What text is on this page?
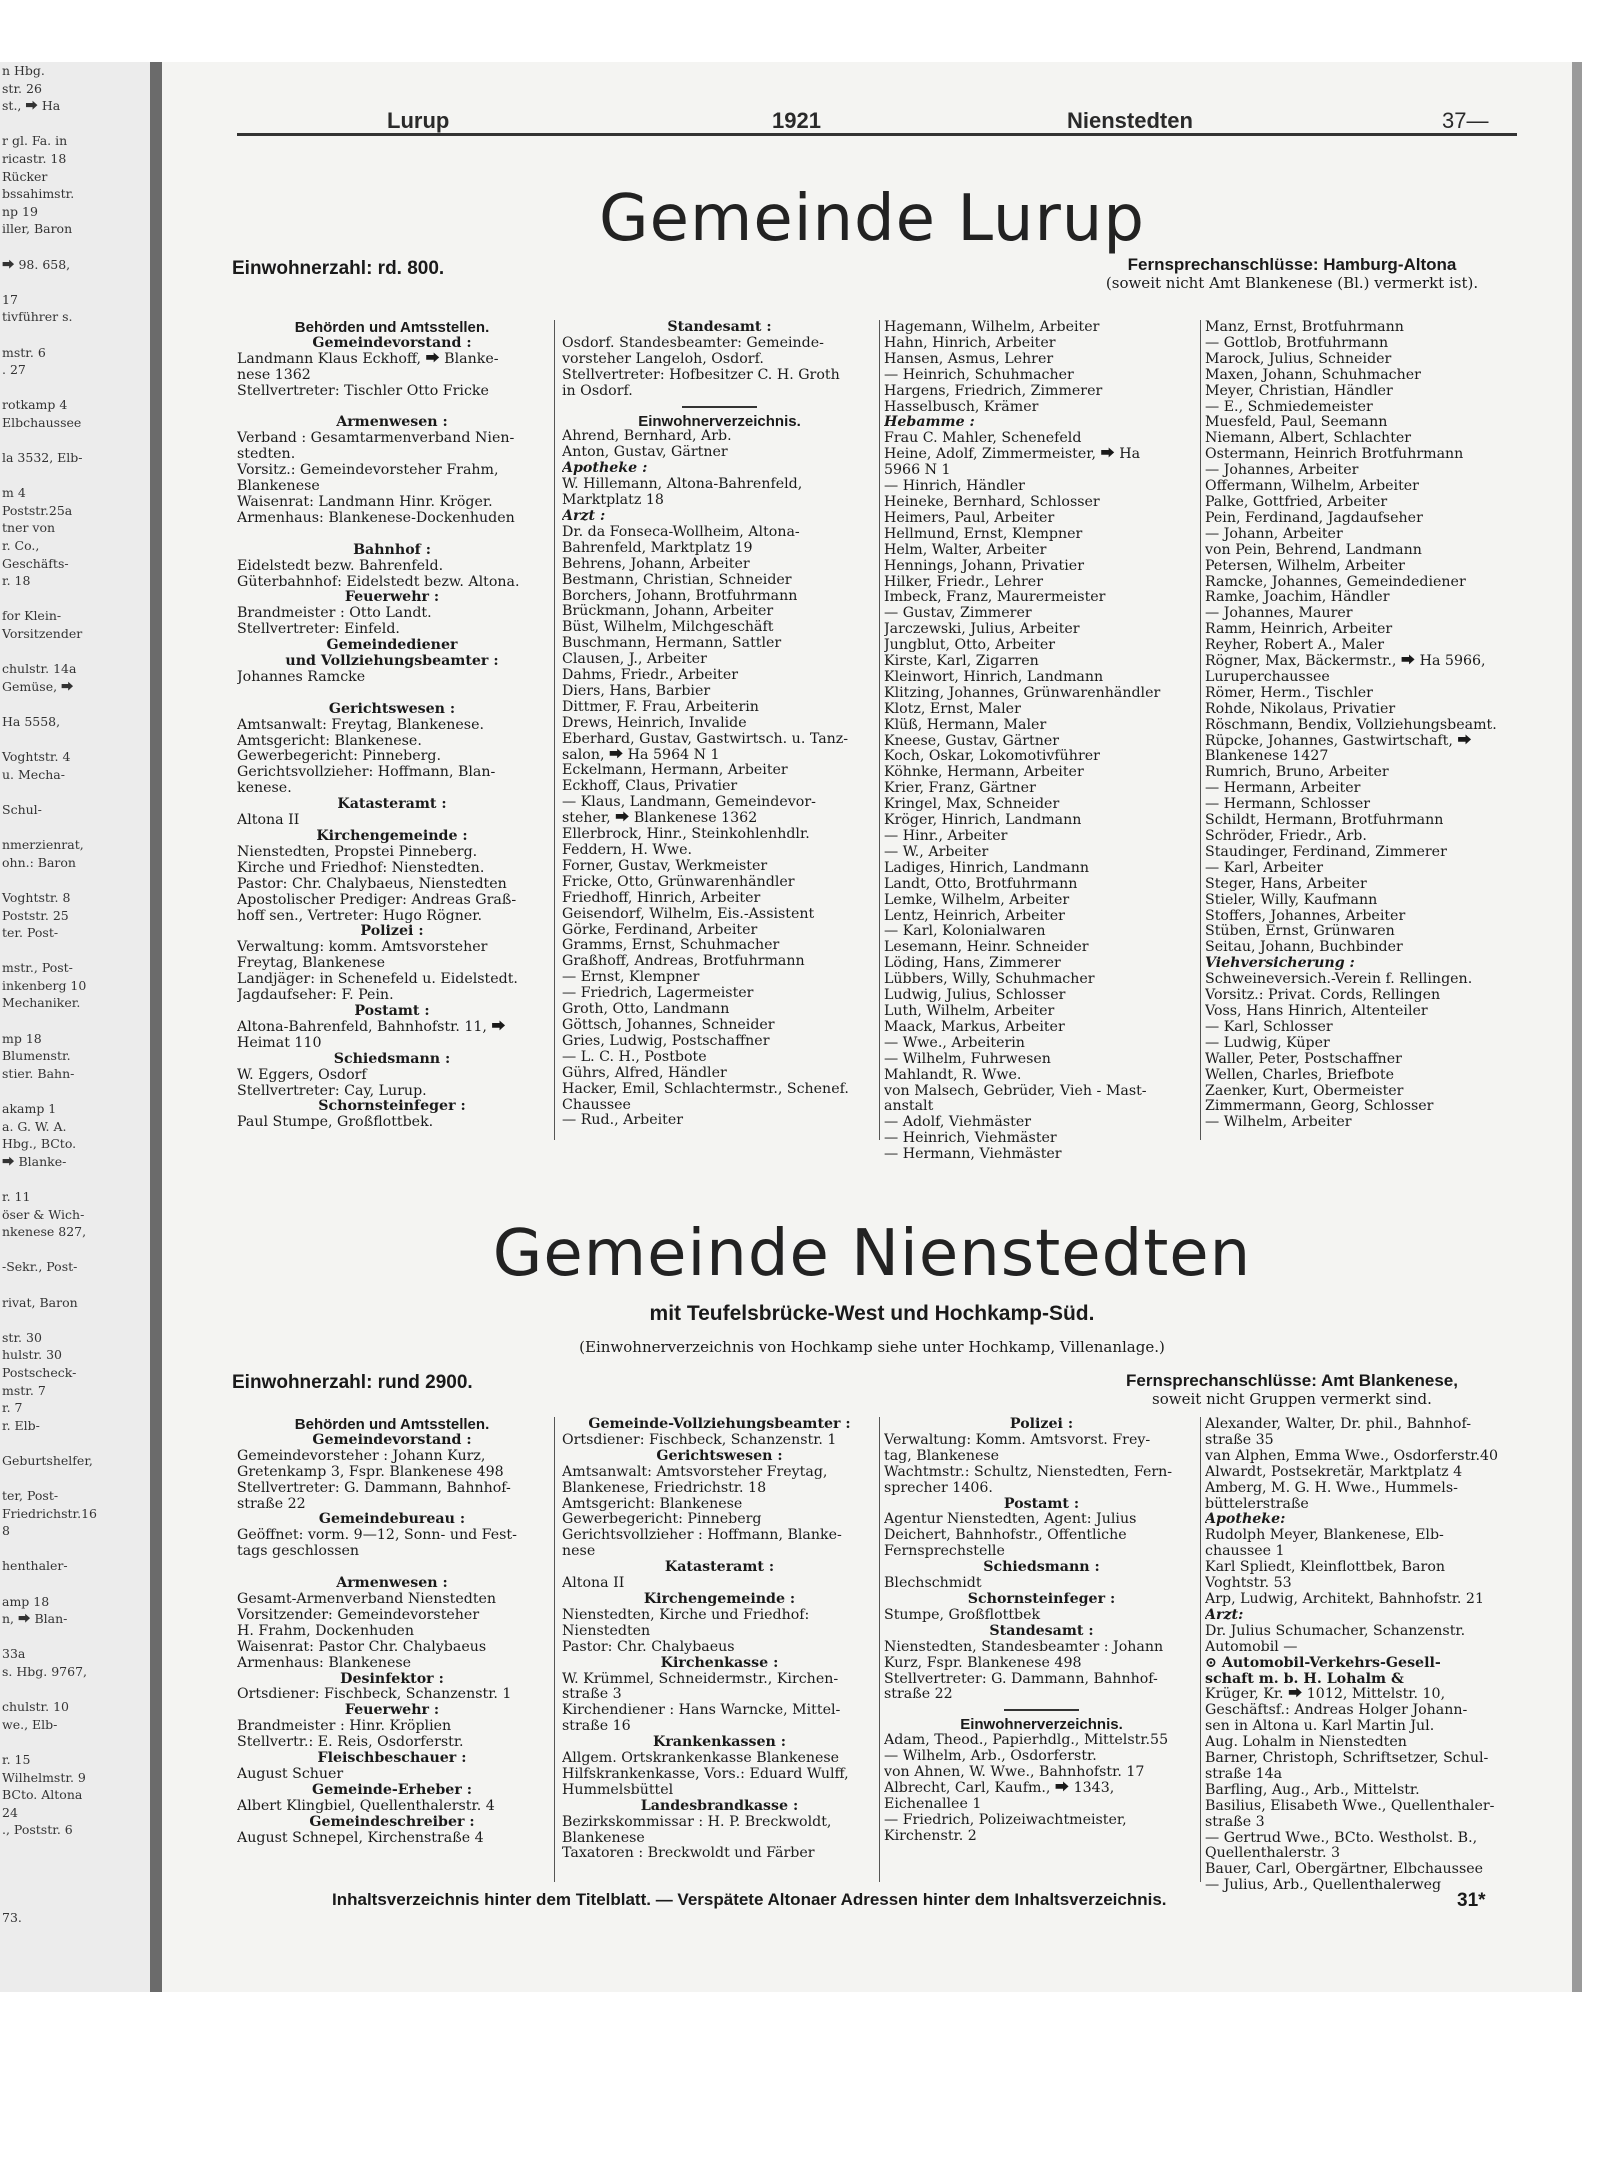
n Hbg.
str. 26
st., ⮕ Ha

r gl. Fa. in
ricastr. 18
Rücker
bssahimstr.
np 19
iller, Baron

⮕ 98. 658,

17
tivführer s.

mstr. 6
. 27

rotkamp 4
Elbchaussee

la 3532, Elb-

m 4
Poststr.25a
tner von
r. Co.,
Geschäfts-
r. 18

for Klein-
Vorsitzender

chulstr. 14a
Gemüse, ⮕

Ha 5558,

Voghtstr. 4
u. Mecha-

Schul-

nmerzienrat,
ohn.: Baron

Voghtstr. 8
Poststr. 25
ter. Post-

mstr., Post-
inkenberg 10
Mechaniker.

mp 18
Blumenstr.
stier. Bahn-

akamp 1
a. G. W. A.
Hbg., BCto.
⮕ Blanke-

r. 11
öser & Wich-
nkenese 827,

-Sekr., Post-

rivat, Baron

str. 30
hulstr. 30
Postscheck-
mstr. 7
r. 7
r. Elb-

Geburtshelfer,

ter, Post-
Friedrichstr.16
8

henthaler-

amp 18
n, ⮕ Blan-

33a
s. Hbg. 9767,

chulstr. 10
we., Elb-

r. 15
Wilhelmstr. 9
BCto. Altona
24
., Poststr. 6

73.
Lurup	1921	Nienstedten	37—
Gemeinde Lurup
Einwohnerzahl: rd. 800.	Fernsprechanschlüsse: Hamburg-Altona
(soweit nicht Amt Blankenese (Bl.) vermerkt ist).
Behörden und Amtsstellen.
Gemeindevorstand :
Landmann Klaus Eckhoff, ⮕ Blanke-
nese 1362
Stellvertreter: Tischler Otto Fricke

Armenwesen :
Verband : Gesamtarmenverband Nien-
stedten.
Vorsitz.: Gemeindevorsteher Frahm,
Blankenese
Waisenrat: Landmann Hinr. Kröger.
Armenhaus: Blankenese-Dockenhuden

Bahnhof :
Eidelstedt bezw. Bahrenfeld.
Güterbahnhof: Eidelstedt bezw. Altona.
Feuerwehr :
Brandmeister : Otto Landt.
Stellvertreter: Einfeld.
Gemeindediener
und Vollziehungsbeamter :
Johannes Ramcke

Gerichtswesen :
Amtsanwalt: Freytag, Blankenese.
Amtsgericht: Blankenese.
Gewerbegericht: Pinneberg.
Gerichtsvollzieher: Hoffmann, Blan-
kenese.
Katasteramt :
Altona II
Kirchengemeinde :
Nienstedten, Propstei Pinneberg.
Kirche und Friedhof: Nienstedten.
Pastor: Chr. Chalybaeus, Nienstedten
Apostolischer Prediger: Andreas Graß-
hoff sen., Vertreter: Hugo Rögner.
Polizei :
Verwaltung: komm. Amtsvorsteher
Freytag, Blankenese
Landjäger: in Schenefeld u. Eidelstedt.
Jagdaufseher: F. Pein.
Postamt :
Altona-Bahrenfeld, Bahnhofstr. 11, ⮕
Heimat 110
Schiedsmann :
W. Eggers, Osdorf
Stellvertreter: Cay, Lurup.
Schornsteinfeger :
Paul Stumpe, Großflottbek.
Standesamt :
Osdorf. Standesbeamter: Gemeinde-
vorsteher Langeloh, Osdorf.
Stellvertreter: Hofbesitzer C. H. Groth
in Osdorf.
Einwohnerverzeichnis.
Ahrend, Bernhard, Arb.
Anton, Gustav, Gärtner
Apotheke :
W. Hillemann, Altona-Bahrenfeld,
Marktplatz 18
Arzt :
Dr. da Fonseca-Wollheim, Altona-
Bahrenfeld, Marktplatz 19
Behrens, Johann, Arbeiter
Bestmann, Christian, Schneider
Borchers, Johann, Brotfuhrmann
Brückmann, Johann, Arbeiter
Büst, Wilhelm, Milchgeschäft
Buschmann, Hermann, Sattler
Clausen, J., Arbeiter
Dahms, Friedr., Arbeiter
Diers, Hans, Barbier
Dittmer, F. Frau, Arbeiterin
Drews, Heinrich, Invalide
Eberhard, Gustav, Gastwirtsch. u. Tanz-
salon, ⮕ Ha 5964 N 1
Eckelmann, Hermann, Arbeiter
Eckhoff, Claus, Privatier
— Klaus, Landmann, Gemeindevor-
steher, ⮕ Blankenese 1362
Ellerbrock, Hinr., Steinkohlenhdlr.
Feddern, H. Wwe.
Forner, Gustav, Werkmeister
Fricke, Otto, Grünwarenhändler
Friedhoff, Hinrich, Arbeiter
Geisendorf, Wilhelm, Eis.-Assistent
Görke, Ferdinand, Arbeiter
Gramms, Ernst, Schuhmacher
Graßhoff, Andreas, Brotfuhrmann
— Ernst, Klempner
— Friedrich, Lagermeister
Groth, Otto, Landmann
Göttsch, Johannes, Schneider
Gries, Ludwig, Postschaffner
— L. C. H., Postbote
Gührs, Alfred, Händler
Hacker, Emil, Schlachtermstr., Schenef.
Chaussee
— Rud., Arbeiter
Hagemann, Wilhelm, Arbeiter
Hahn, Hinrich, Arbeiter
Hansen, Asmus, Lehrer
— Heinrich, Schuhmacher
Hargens, Friedrich, Zimmerer
Hasselbusch, Krämer
Hebamme :
Frau C. Mahler, Schenefeld
Heine, Adolf, Zimmermeister, ⮕ Ha
5966 N 1
— Hinrich, Händler
Heineke, Bernhard, Schlosser
Heimers, Paul, Arbeiter
Hellmund, Ernst, Klempner
Helm, Walter, Arbeiter
Hennings, Johann, Privatier
Hilker, Friedr., Lehrer
Imbeck, Franz, Maurermeister
— Gustav, Zimmerer
Jarczewski, Julius, Arbeiter
Jungblut, Otto, Arbeiter
Kirste, Karl, Zigarren
Kleinwort, Hinrich, Landmann
Klitzing, Johannes, Grünwarenhändler
Klotz, Ernst, Maler
Klüß, Hermann, Maler
Kneese, Gustav, Gärtner
Koch, Oskar, Lokomotivführer
Köhnke, Hermann, Arbeiter
Krier, Franz, Gärtner
Kringel, Max, Schneider
Kröger, Hinrich, Landmann
— Hinr., Arbeiter
— W., Arbeiter
Ladiges, Hinrich, Landmann
Landt, Otto, Brotfuhrmann
Lemke, Wilhelm, Arbeiter
Lentz, Heinrich, Arbeiter
— Karl, Kolonialwaren
Lesemann, Heinr. Schneider
Löding, Hans, Zimmerer
Lübbers, Willy, Schuhmacher
Ludwig, Julius, Schlosser
Luth, Wilhelm, Arbeiter
Maack, Markus, Arbeiter
— Wwe., Arbeiterin
— Wilhelm, Fuhrwesen
Mahlandt, R. Wwe.
von Malsech, Gebrüder, Vieh - Mast-
anstalt
— Adolf, Viehmäster
— Heinrich, Viehmäster
— Hermann, Viehmäster
Manz, Ernst, Brotfuhrmann
— Gottlob, Brotfuhrmann
Marock, Julius, Schneider
Maxen, Johann, Schuhmacher
Meyer, Christian, Händler
— E., Schmiedemeister
Muesfeld, Paul, Seemann
Niemann, Albert, Schlachter
Ostermann, Heinrich Brotfuhrmann
— Johannes, Arbeiter
Offermann, Wilhelm, Arbeiter
Palke, Gottfried, Arbeiter
Pein, Ferdinand, Jagdaufseher
— Johann, Arbeiter
von Pein, Behrend, Landmann
Petersen, Wilhelm, Arbeiter
Ramcke, Johannes, Gemeindediener
Ramke, Joachim, Händler
— Johannes, Maurer
Ramm, Heinrich, Arbeiter
Reyher, Robert A., Maler
Rögner, Max, Bäckermstr., ⮕ Ha 5966,
Luruperchaussee
Römer, Herm., Tischler
Rohde, Nikolaus, Privatier
Röschmann, Bendix, Vollziehungsbeamt.
Rüpcke, Johannes, Gastwirtschaft, ⮕
Blankenese 1427
Rumrich, Bruno, Arbeiter
— Hermann, Arbeiter
— Hermann, Schlosser
Schildt, Hermann, Brotfuhrmann
Schröder, Friedr., Arb.
Staudinger, Ferdinand, Zimmerer
— Karl, Arbeiter
Steger, Hans, Arbeiter
Stieler, Willy, Kaufmann
Stoffers, Johannes, Arbeiter
Stüben, Ernst, Grünwaren
Seitau, Johann, Buchbinder
Viehversicherung :
Schweineversich.-Verein f. Rellingen.
Vorsitz.: Privat. Cords, Rellingen
Voss, Hans Hinrich, Altenteiler
— Karl, Schlosser
— Ludwig, Küper
Waller, Peter, Postschaffner
Wellen, Charles, Briefbote
Zaenker, Kurt, Obermeister
Zimmermann, Georg, Schlosser
— Wilhelm, Arbeiter
Gemeinde Nienstedten
mit Teufelsbrücke-West und Hochkamp-Süd.
(Einwohnerverzeichnis von Hochkamp siehe unter Hochkamp, Villenanlage.)
Einwohnerzahl: rund 2900.	Fernsprechanschlüsse: Amt Blankenese,
soweit nicht Gruppen vermerkt sind.
Behörden und Amtsstellen.
Gemeindevorstand :
Gemeindevorsteher : Johann Kurz,
Gretenkamp 3, Fspr. Blankenese 498
Stellvertreter: G. Dammann, Bahnhof-
straße 22
Gemeindebureau :
Geöffnet: vorm. 9—12, Sonn- und Fest-
tags geschlossen

Armenwesen :
Gesamt-Armenverband Nienstedten
Vorsitzender: Gemeindevorsteher
H. Frahm, Dockenhuden
Waisenrat: Pastor Chr. Chalybaeus
Armenhaus: Blankenese
Desinfektor :
Ortsdiener: Fischbeck, Schanzenstr. 1
Feuerwehr :
Brandmeister : Hinr. Kröplien
Stellvertr.: E. Reis, Osdorferstr.
Fleischbeschauer :
August Schuer
Gemeinde-Erheber :
Albert Klingbiel, Quellenthalerstr. 4
Gemeindeschreiber :
August Schnepel, Kirchenstraße 4
Gemeinde-Vollziehungsbeamter :
Ortsdiener: Fischbeck, Schanzenstr. 1
Gerichtswesen :
Amtsanwalt: Amtsvorsteher Freytag,
Blankenese, Friedrichstr. 18
Amtsgericht: Blankenese
Gewerbegericht: Pinneberg
Gerichtsvollzieher : Hoffmann, Blanke-
nese
Katasteramt :
Altona II
Kirchengemeinde :
Nienstedten, Kirche und Friedhof:
Nienstedten
Pastor: Chr. Chalybaeus
Kirchenkasse :
W. Krümmel, Schneidermstr., Kirchen-
straße 3
Kirchendiener : Hans Warncke, Mittel-
straße 16
Krankenkassen :
Allgem. Ortskrankenkasse Blankenese
Hilfskrankenkasse, Vors.: Eduard Wulff,
Hummelsbüttel
Landesbrandkasse :
Bezirkskommissar : H. P. Breckwoldt,
Blankenese
Taxatoren : Breckwoldt und Färber
Polizei :
Verwaltung: Komm. Amtsvorst. Frey-
tag, Blankenese
Wachtmstr.: Schultz, Nienstedten, Fern-
sprecher 1406.
Postamt :
Agentur Nienstedten, Agent: Julius
Deichert, Bahnhofstr., Öffentliche
Fernsprechstelle
Schiedsmann :
Blechschmidt
Schornsteinfeger :
Stumpe, Großflottbek
Standesamt :
Nienstedten, Standesbeamter : Johann
Kurz, Fspr. Blankenese 498
Stellvertreter: G. Dammann, Bahnhof-
straße 22
Einwohnerverzeichnis.
Adam, Theod., Papierhdlg., Mittelstr.55
— Wilhelm, Arb., Osdorferstr.
von Ahnen, W. Wwe., Bahnhofstr. 17
Albrecht, Carl, Kaufm., ⮕ 1343,
Eichenallee 1
— Friedrich, Polizeiwachtmeister,
Kirchenstr. 2
Alexander, Walter, Dr. phil., Bahnhof-
straße 35
van Alphen, Emma Wwe., Osdorferstr.40
Alwardt, Postsekretär, Marktplatz 4
Amberg, M. G. H. Wwe., Hummels-
büttelerstraße
Apotheke:
Rudolph Meyer, Blankenese, Elb-
chaussee 1
Karl Spliedt, Kleinflottbek, Baron
Voghtstr. 53
Arp, Ludwig, Architekt, Bahnhofstr. 21
Arzt:
Dr. Julius Schumacher, Schanzenstr.
Automobil —
⊙ Automobil-Verkehrs-Gesell-
schaft m. b. H. Lohalm &
Krüger, Kr. ⮕ 1012, Mittelstr. 10,
Geschäftsf.: Andreas Holger Johann-
sen in Altona u. Karl Martin Jul.
Aug. Lohalm in Nienstedten
Barner, Christoph, Schriftsetzer, Schul-
straße 14a
Barfling, Aug., Arb., Mittelstr.
Basilius, Elisabeth Wwe., Quellenthaler-
straße 3
— Gertrud Wwe., BCto. Westholst. B.,
Quellenthalerstr. 3
Bauer, Carl, Obergärtner, Elbchaussee
— Julius, Arb., Quellenthalerweg
Inhaltsverzeichnis hinter dem Titelblatt. — Verspätete Altonaer Adressen hinter dem Inhaltsverzeichnis.	31*
